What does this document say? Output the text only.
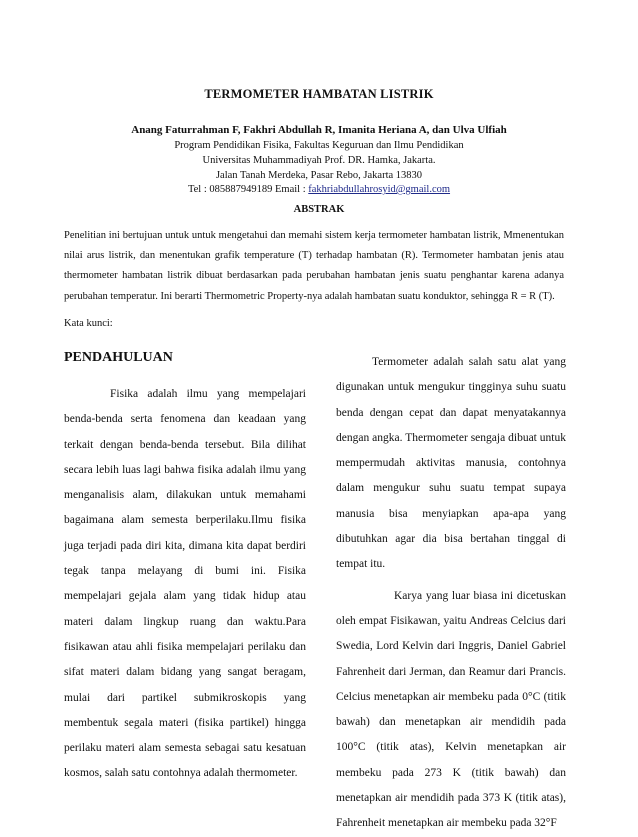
TERMOMETER HAMBATAN LISTRIK
Anang Faturrahman F, Fakhri Abdullah R, Imanita Heriana A, dan Ulva Ulfiah
Program Pendidikan Fisika, Fakultas Keguruan dan Ilmu Pendidikan
Universitas Muhammadiyah Prof. DR. Hamka, Jakarta.
Jalan Tanah Merdeka, Pasar Rebo, Jakarta 13830
Tel : 085887949189 Email : fakhriabdullahrosyid@gmail.com
ABSTRAK
Penelitian ini bertujuan untuk untuk mengetahui dan memahi sistem kerja termometer hambatan listrik, Mmenentukan nilai arus listrik, dan menentukan grafik temperature (T) terhadap hambatan (R). Termometer hambatan jenis atau thermometer hambatan listrik dibuat berdasarkan pada perubahan hambatan jenis suatu penghantar karena adanya perubahan temperatur. Ini berarti Thermometric Property-nya adalah hambatan suatu konduktor, sehingga R = R (T).
Kata kunci:
PENDAHULUAN

Fisika adalah ilmu yang mempelajari benda-benda serta fenomena dan keadaan yang terkait dengan benda-benda tersebut. Bila dilihat secara lebih luas lagi bahwa fisika adalah ilmu yang menganalisis alam, dilakukan untuk memahami bagaimana alam semesta berperilaku.Ilmu fisika juga terjadi pada diri kita, dimana kita dapat berdiri tegak tanpa melayang di bumi ini. Fisika mempelajari gejala alam yang tidak hidup atau materi dalam lingkup ruang dan waktu.Para fisikawan atau ahli fisika mempelajari perilaku dan sifat materi dalam bidang yang sangat beragam, mulai dari partikel submikroskopis yang membentuk segala materi (fisika partikel) hingga perilaku materi alam semesta sebagai satu kesatuan kosmos, salah satu contohnya adalah thermometer.

Termometer adalah salah satu alat yang digunakan untuk mengukur tingginya suhu suatu benda dengan cepat dan dapat menyatakannya dengan angka. Thermometer sengaja dibuat untuk mempermudah aktivitas manusia, contohnya dalam mengukur suhu suatu tempat supaya manusia bisa menyiapkan apa-apa yang dibutuhkan agar dia bisa bertahan tinggal di tempat itu.

Karya yang luar biasa ini dicetuskan oleh empat Fisikawan, yaitu Andreas Celcius dari Swedia, Lord Kelvin dari Inggris, Daniel Gabriel Fahrenheit dari Jerman, dan Reamur dari Prancis. Celcius menetapkan air membeku pada 0°C (titik bawah) dan menetapkan air mendidih pada 100°C (titik atas), Kelvin menetapkan air membeku pada 273 K (titik bawah) dan menetapkan air mendidih pada 373 K (titik atas), Fahrenheit menetapkan air membeku pada 32°F
